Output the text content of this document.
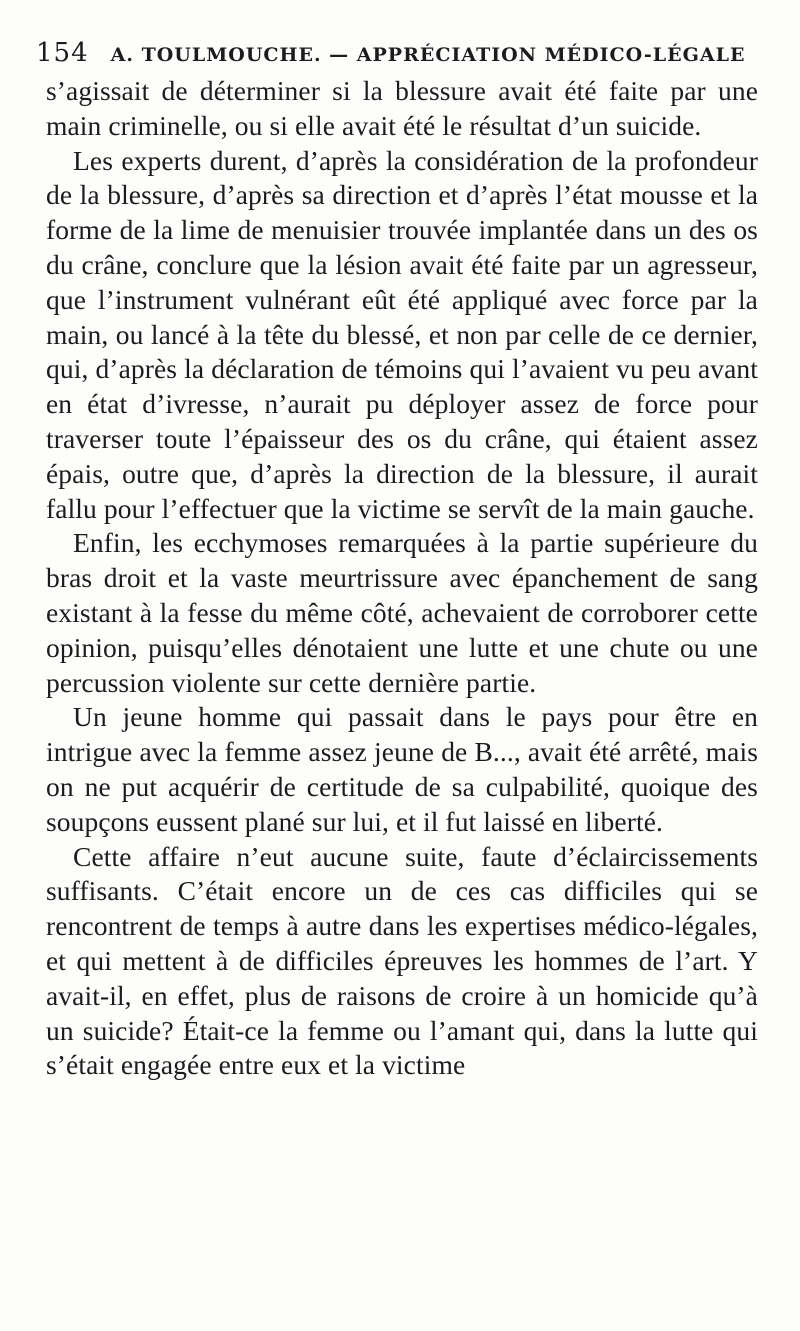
154 A. TOULMOUCHE. — APPRÉCIATION MÉDICO-LÉGALE

s’agissait de déterminer si la blessure avait été faite par une main criminelle, ou si elle avait été le résultat d’un suicide.

Les experts durent, d’après la considération de la profondeur de la blessure, d’après sa direction et d’après l’état mousse et la forme de la lime de menuisier trouvée implantée dans un des os du crâne, conclure que la lésion avait été faite par un agresseur, que l’instrument vulnérant eût été appliqué avec force par la main, ou lancé à la tête du blessé, et non par celle de ce dernier, qui, d’après la déclaration de témoins qui l’avaient vu peu avant en état d’ivresse, n’aurait pu déployer assez de force pour traverser toute l’épaisseur des os du crâne, qui étaient assez épais, outre que, d’après la direction de la blessure, il aurait fallu pour l’effectuer que la victime se servît de la main gauche.

Enfin, les ecchymoses remarquées à la partie supérieure du bras droit et la vaste meurtrissure avec épanchement de sang existant à la fesse du même côté, achevaient de corroborer cette opinion, puisqu’elles dénotaient une lutte et une chute ou une percussion violente sur cette dernière partie.

Un jeune homme qui passait dans le pays pour être en intrigue avec la femme assez jeune de B..., avait été arrêté, mais on ne put acquérir de certitude de sa culpabilité, quoique des soupçons eussent plané sur lui, et il fut laissé en liberté.

Cette affaire n’eut aucune suite, faute d’éclaircissements suffisants. C’était encore un de ces cas difficiles qui se rencontrent de temps à autre dans les expertises médico-légales, et qui mettent à de difficiles épreuves les hommes de l’art. Y avait-il, en effet, plus de raisons de croire à un homicide qu’à un suicide? Était-ce la femme ou l’amant qui, dans la lutte qui s’était engagée entre eux et la victime
